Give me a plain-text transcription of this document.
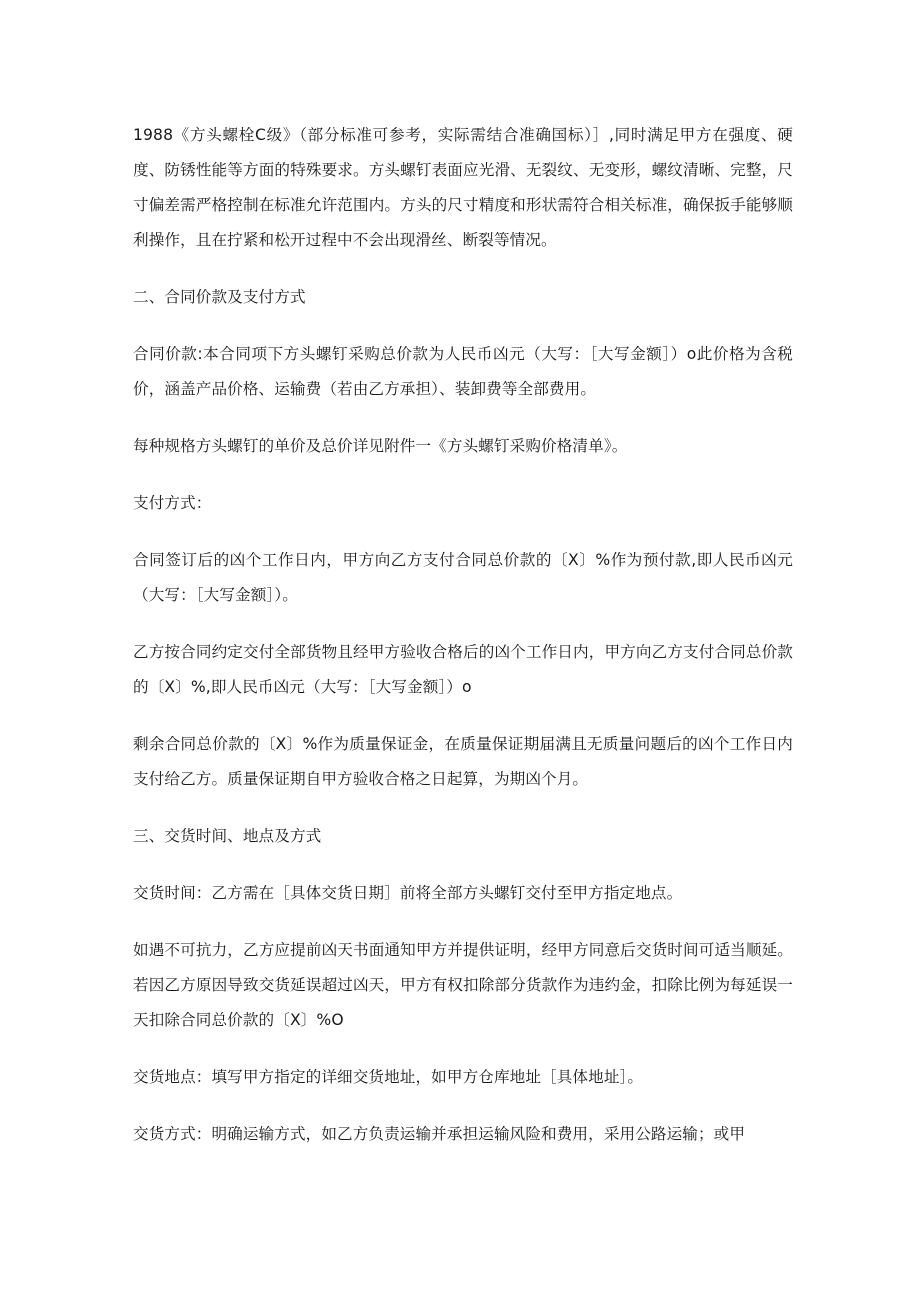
1988《方头螺栓C级》（部分标准可参考，实际需结合准确国标）］,同时满足甲方在强度、硬度、防锈性能等方面的特殊要求。方头螺钉表面应光滑、无裂纹、无变形，螺纹清晰、完整，尺寸偏差需严格控制在标准允许范围内。方头的尺寸精度和形状需符合相关标准，确保扳手能够顺利操作，且在拧紧和松开过程中不会出现滑丝、断裂等情况。

二、合同价款及支付方式

合同价款:本合同项下方头螺钉采购总价款为人民币凶元（大写：［大写金额］）o此价格为含税价，涵盖产品价格、运输费（若由乙方承担）、装卸费等全部费用。

每种规格方头螺钉的单价及总价详见附件一《方头螺钉采购价格清单》。

支付方式：

合同签订后的凶个工作日内，甲方向乙方支付合同总价款的〔X〕%作为预付款,即人民币凶元（大写：［大写金额］）。

乙方按合同约定交付全部货物且经甲方验收合格后的凶个工作日内，甲方向乙方支付合同总价款的〔X〕%,即人民币凶元（大写：［大写金额］）o

剩余合同总价款的〔X〕%作为质量保证金，在质量保证期届满且无质量问题后的凶个工作日内支付给乙方。质量保证期自甲方验收合格之日起算，为期凶个月。

三、交货时间、地点及方式

交货时间：乙方需在［具体交货日期］前将全部方头螺钉交付至甲方指定地点。

如遇不可抗力，乙方应提前凶天书面通知甲方并提供证明，经甲方同意后交货时间可适当顺延。若因乙方原因导致交货延误超过凶天，甲方有权扣除部分货款作为违约金，扣除比例为每延误一天扣除合同总价款的〔X〕%O

交货地点：填写甲方指定的详细交货地址，如甲方仓库地址［具体地址］。

交货方式：明确运输方式，如乙方负责运输并承担运输风险和费用，采用公路运输；或甲
